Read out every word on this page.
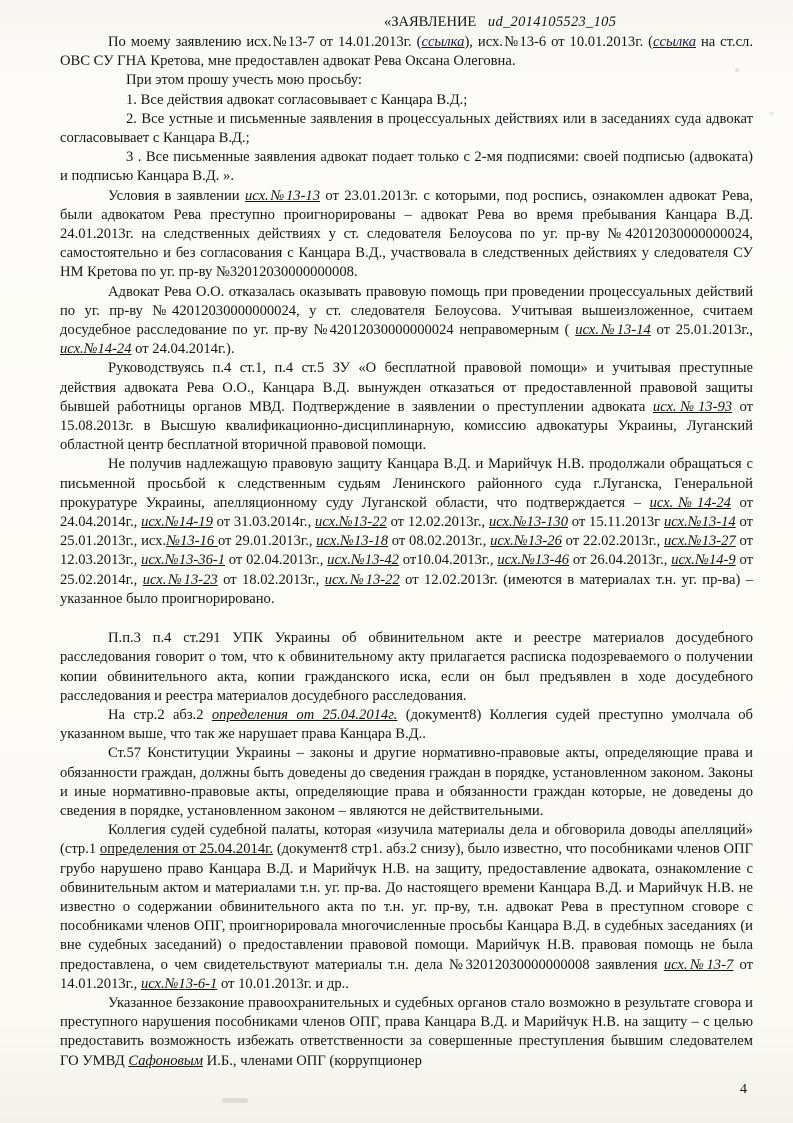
«ЗАЯВЛЕНИЕ ud_2014105523_105

По моему заявлению исх.№13-7 от 14.01.2013г. (ссылка), исх.№13-6 от 10.01.2013г. (ссылка на ст.сл. ОВС СУ ГНА Кретова, мне предоставлен адвокат Рева Оксана Олеговна.

При этом прошу учесть мою просьбу:

1. Все действия адвокат согласовывает с Канцара В.Д.;

2. Все устные и письменные заявления в процессуальных действиях или в заседаниях суда адвокат согласовывает с Канцара В.Д.;

3 . Все письменные заявления адвокат подает только с 2-мя подписями: своей подписью (адвоката) и подписью Канцара В.Д. ».

Условия в заявлении исх.№13-13 от 23.01.2013г. с которыми, под роспись, ознакомлен адвокат Рева, были адвокатом Рева преступно проигнорированы – адвокат Рева во время пребывания Канцара В.Д. 24.01.2013г. на следственных действиях у ст. следователя Белоусова по уг. пр-ву №42012030000000024, самостоятельно и без согласования с Канцара В.Д., участвовала в следственных действиях у следователя СУ НМ Кретова по уг. пр-ву №32012030000000008.

Адвокат Рева О.О. отказалась оказывать правовую помощь при проведении процессуальных действий по уг. пр-ву №42012030000000024, у ст. следователя Белоусова. Учитывая вышеизложенное, считаем досудебное расследование по уг. пр-ву №42012030000000024 неправомерным ( исх.№13-14 от 25.01.2013г., исх.№14-24 от 24.04.2014г.).

Руководствуясь п.4 ст.1, п.4 ст.5 ЗУ «О бесплатной правовой помощи» и учитывая преступные действия адвоката Рева О.О., Канцара В.Д. вынужден отказаться от предоставленной правовой защиты бывшей работницы органов МВД. Подтверждение в заявлении о преступлении адвоката исх.№13-93 от 15.08.2013г. в Высшую квалификационно-дисциплинарную, комиссию адвокатуры Украины, Луганский областной центр бесплатной вторичной правовой помощи.

Не получив надлежащую правовую защиту Канцара В.Д. и Марийчук Н.В. продолжали обращаться с письменной просьбой к следственным судьям Ленинского районного суда г.Луганска, Генеральной прокуратуре Украины, апелляционному суду Луганской области, что подтверждается – исх.№14-24 от 24.04.2014г., исх.№14-19 от 31.03.2014г., исх.№13-22 от 12.02.2013г., исх.№13-130 от 15.11.2013г исх.№13-14 от 25.01.2013г., исх.№13-16 от 29.01.2013г., исх.№13-18 от 08.02.2013г., исх.№13-26 от 22.02.2013г., исх.№13-27 от 12.03.2013г., исх.№13-36-1 от 02.04.2013г., исх.№13-42 от10.04.2013г., исх.№13-46 от 26.04.2013г., исх.№14-9 от 25.02.2014г., исх.№13-23 от 18.02.2013г., исх.№13-22 от 12.02.2013г. (имеются в материалах т.н. уг. пр-ва) – указанное было проигнорировано.

П.п.3 п.4 ст.291 УПК Украины об обвинительном акте и реестре материалов досудебного расследования говорит о том, что к обвинительному акту прилагается расписка подозреваемого о получении копии обвинительного акта, копии гражданского иска, если он был предъявлен в ходе досудебного расследования и реестра материалов досудебного расследования.

На стр.2 абз.2 определения от 25.04.2014г. (документ8) Коллегия судей преступно умолчала об указанном выше, что так же нарушает права Канцара В.Д..

Ст.57 Конституции Украины – законы и другие нормативно-правовые акты, определяющие права и обязанности граждан, должны быть доведены до сведения граждан в порядке, установленном законом. Законы и иные нормативно-правовые акты, определяющие права и обязанности граждан которые, не доведены до сведения в порядке, установленном законом – являются не действительными.

Коллегия судей судебной палаты, которая «изучила материалы дела и обговорила доводы апелляций» (стр.1 определения от 25.04.2014г. (документ8 стр1. абз.2 снизу), было известно, что пособниками членов ОПГ грубо нарушено право Канцара В.Д. и Марийчук Н.В. на защиту, предоставление адвоката, ознакомление с обвинительным актом и материалами т.н. уг. пр-ва. До настоящего времени Канцара В.Д. и Марийчук Н.В. не известно о содержании обвинительного акта по т.н. уг. пр-ву, т.н. адвокат Рева в преступном сговоре с пособниками членов ОПГ, проигнорировала многочисленные просьбы Канцара В.Д. в судебных заседаниях (и вне судебных заседаний) о предоставлении правовой помощи. Марийчук Н.В. правовая помощь не была предоставлена, о чем свидетельствуют материалы т.н. дела №32012030000000008 заявления исх.№13-7 от 14.01.2013г., исх.№13-6-1 от 10.01.2013г. и др..

Указанное беззаконие правоохранительных и судебных органов стало возможно в результате сговора и преступного нарушения пособниками членов ОПГ, права Канцара В.Д. и Марийчук Н.В. на защиту – с целью предоставить возможность избежать ответственности за совершенные преступления бывшим следователем ГО УМВД Сафоновым И.Б., членами ОПГ (коррупционер

4
